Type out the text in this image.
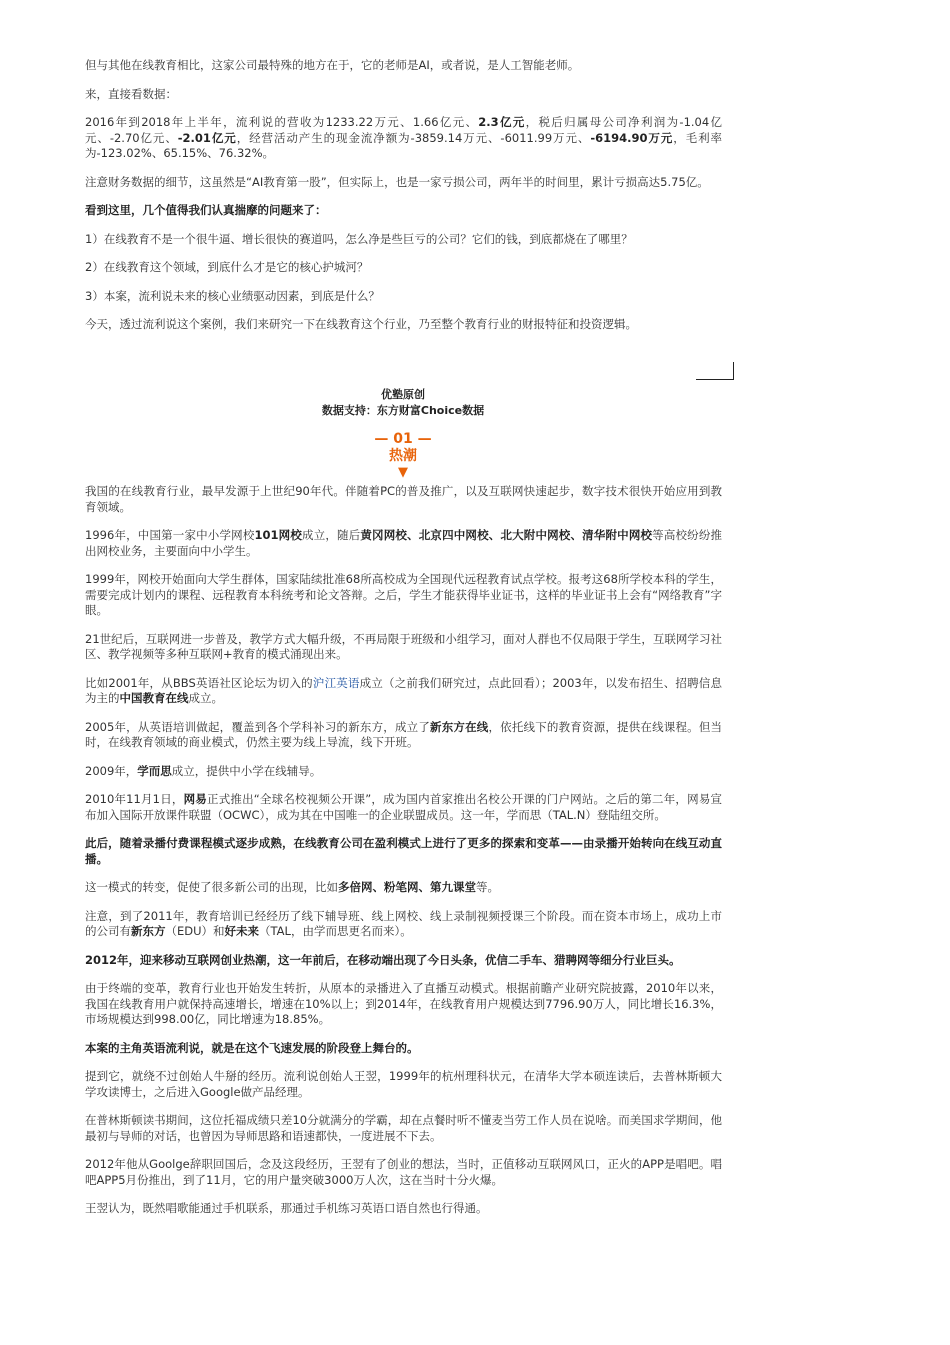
但与其他在线教育相比，这家公司最特殊的地方在于，它的老师是AI，或者说，是人工智能老师。

来，直接看数据：

2016年到2018年上半年，流利说的营收为1233.22万元、1.66亿元、2.3亿元，税后归属母公司净利润为-1.04亿元、-2.70亿元、-2.01亿元，经营活动产生的现金流净额为-3859.14万元、-6011.99万元、-6194.90万元，毛利率为-123.02%、65.15%、76.32%。

注意财务数据的细节，这虽然是“AI教育第一股”，但实际上，也是一家亏损公司，两年半的时间里，累计亏损高达5.75亿。

看到这里，几个值得我们认真揣摩的问题来了：

1）在线教育不是一个很牛逼、增长很快的赛道吗，怎么净是些巨亏的公司？它们的钱，到底都烧在了哪里？

2）在线教育这个领域，到底什么才是它的核心护城河？

3）本案，流利说未来的核心业绩驱动因素，到底是什么？

今天，透过流利说这个案例，我们来研究一下在线教育这个行业，乃至整个教育行业的财报特征和投资逻辑。

优塾原创
数据支持：东方财富Choice数据
— 01 —
热潮
▼

我国的在线教育行业，最早发源于上世纪90年代。伴随着PC的普及推广，以及互联网快速起步，数字技术很快开始应用到教育领域。

1996年，中国第一家中小学网校101网校成立，随后黄冈网校、北京四中网校、北大附中网校、清华附中网校等高校纷纷推出网校业务，主要面向中小学生。

1999年，网校开始面向大学生群体，国家陆续批准68所高校成为全国现代远程教育试点学校。报考这68所学校本科的学生，需要完成计划内的课程、远程教育本科统考和论文答辩。之后，学生才能获得毕业证书，这样的毕业证书上会有“网络教育”字眼。

21世纪后，互联网进一步普及，教学方式大幅升级，不再局限于班级和小组学习，面对人群也不仅局限于学生，互联网学习社区、教学视频等多种互联网+教育的模式涌现出来。

比如2001年，从BBS英语社区论坛为切入的沪江英语成立（之前我们研究过，点此回看）；2003年，以发布招生、招聘信息为主的中国教育在线成立。

2005年，从英语培训做起，覆盖到各个学科补习的新东方，成立了新东方在线，依托线下的教育资源，提供在线课程。但当时，在线教育领域的商业模式，仍然主要为线上导流，线下开班。

2009年，学而思成立，提供中小学在线辅导。

2010年11月1日，网易正式推出“全球名校视频公开课”，成为国内首家推出名校公开课的门户网站。之后的第二年，网易宣布加入国际开放课件联盟（OCWC），成为其在中国唯一的企业联盟成员。这一年，学而思（TAL.N）登陆纽交所。

此后，随着录播付费课程模式逐步成熟，在线教育公司在盈利模式上进行了更多的探索和变革——由录播开始转向在线互动直播。

这一模式的转变，促使了很多新公司的出现，比如多倍网、粉笔网、第九课堂等。

注意，到了2011年，教育培训已经经历了线下辅导班、线上网校、线上录制视频授课三个阶段。而在资本市场上，成功上市的公司有新东方（EDU）和好未来（TAL，由学而思更名而来）。

2012年，迎来移动互联网创业热潮，这一年前后，在移动端出现了今日头条，优信二手车、猎聘网等细分行业巨头。

由于终端的变革，教育行业也开始发生转折，从原本的录播进入了直播互动模式。根据前瞻产业研究院披露，2010年以来，我国在线教育用户就保持高速增长，增速在10%以上；到2014年，在线教育用户规模达到7796.90万人，同比增长16.3%，市场规模达到998.00亿，同比增速为18.85%。

本案的主角英语流利说，就是在这个飞速发展的阶段登上舞台的。

提到它，就绕不过创始人牛掰的经历。流利说创始人王翌，1999年的杭州理科状元，在清华大学本硕连读后，去普林斯顿大学攻读博士，之后进入Google做产品经理。

在普林斯顿读书期间，这位托福成绩只差10分就满分的学霸，却在点餐时听不懂麦当劳工作人员在说啥。而美国求学期间，他最初与导师的对话，也曾因为导师思路和语速都快，一度进展不下去。

2012年他从Goolge辞职回国后，念及这段经历，王翌有了创业的想法，当时，正值移动互联网风口，正火的APP是唱吧。唱吧APP5月份推出，到了11月，它的用户量突破3000万人次，这在当时十分火爆。

王翌认为，既然唱歌能通过手机联系，那通过手机练习英语口语自然也行得通。
